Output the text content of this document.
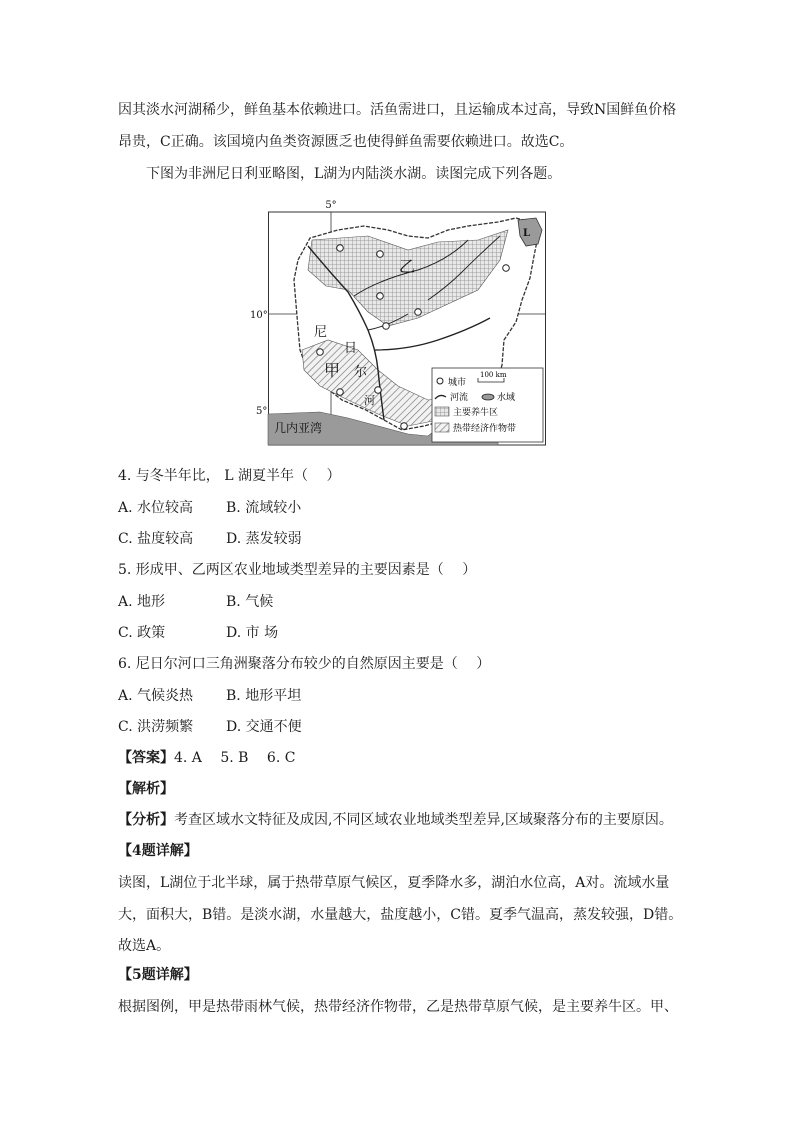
因其淡水河湖稀少，鲜鱼基本依赖进口。活鱼需进口，且运输成本过高，导致N国鲜鱼价格
昂贵，C正确。该国境内鱼类资源匮乏也使得鲜鱼需要依赖进口。故选C。
下图为非洲尼日利亚略图，L湖为内陆淡水湖。读图完成下列各题。
5°
10°
5°
乙
甲
L
尼
日
尔
河
几内亚湾
城市
100 km
河流	水域
主要养牛区
热带经济作物带
4. 与冬半年比， L 湖夏半年（　 ）
A. 水位较高 B. 流域较小
C. 盐度较高 D. 蒸发较弱
5. 形成甲、乙两区农业地域类型差异的主要因素是（　 ）
A. 地形	B. 气候
C. 政策	D. 市 场
6. 尼日尔河口三角洲聚落分布较少的自然原因主要是（　 ）
A. 气候炎热 B. 地形平坦
C. 洪涝频繁 D. 交通不便
【答案】4. A　 5. B　 6. C
【解析】
【分析】考查区域水文特征及成因,不同区域农业地域类型差异,区域聚落分布的主要原因。
【4题详解】
读图，L湖位于北半球，属于热带草原气候区，夏季降水多，湖泊水位高，A对。流域水量
大，面积大，B错。是淡水湖，水量越大，盐度越小，C错。夏季气温高，蒸发较强，D错。
故选A。
【5题详解】
根据图例，甲是热带雨林气候，热带经济作物带，乙是热带草原气候，是主要养牛区。甲、
